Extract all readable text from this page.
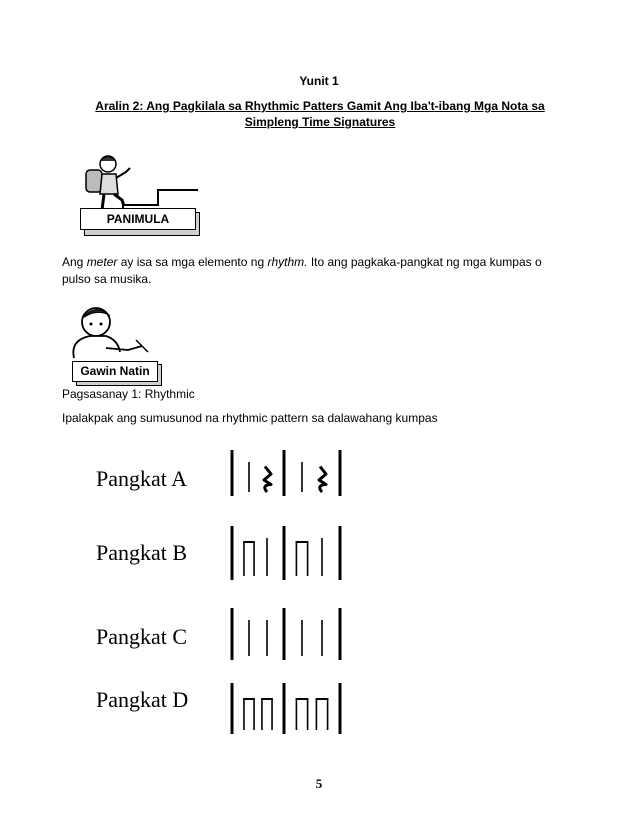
Yunit 1
Aralin 2: Ang Pagkilala sa Rhythmic Patters Gamit Ang Iba't-ibang Mga Nota sa Simpleng Time Signatures
PANIMULA
Ang meter ay isa sa mga elemento ng rhythm. Ito ang pagkaka-pangkat ng mga kumpas o pulso sa musika.
Gawin Natin
Pagsasanay 1: Rhythmic
Ipalakpak ang sumusunod na rhythmic pattern sa dalawahang kumpas
Pangkat A
Pangkat B
Pangkat C
Pangkat D
5
